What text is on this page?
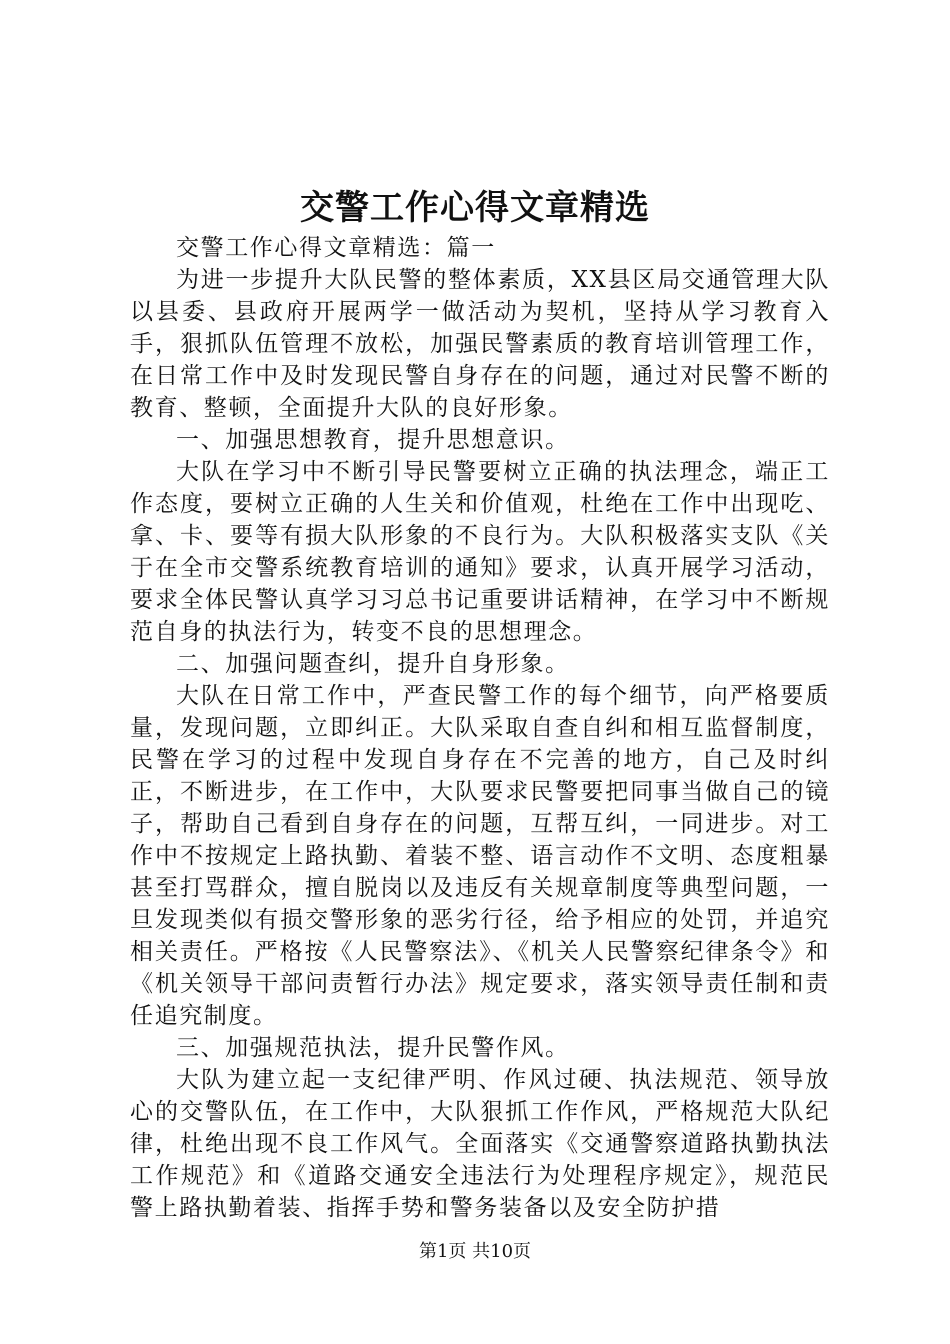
交警工作心得文章精选

交警工作心得文章精选：篇一

为进一步提升大队民警的整体素质，XX县区局交通管理大队以县委、县政府开展两学一做活动为契机，坚持从学习教育入手，狠抓队伍管理不放松，加强民警素质的教育培训管理工作，在日常工作中及时发现民警自身存在的问题，通过对民警不断的教育、整顿，全面提升大队的良好形象。

一、加强思想教育，提升思想意识。

大队在学习中不断引导民警要树立正确的执法理念，端正工作态度，要树立正确的人生关和价值观，杜绝在工作中出现吃、拿、卡、要等有损大队形象的不良行为。大队积极落实支队《关于在全市交警系统教育培训的通知》要求，认真开展学习活动，要求全体民警认真学习习总书记重要讲话精神，在学习中不断规范自身的执法行为，转变不良的思想理念。

二、加强问题查纠，提升自身形象。

大队在日常工作中，严查民警工作的每个细节，向严格要质量，发现问题，立即纠正。大队采取自查自纠和相互监督制度，民警在学习的过程中发现自身存在不完善的地方，自己及时纠正，不断进步，在工作中，大队要求民警要把同事当做自己的镜子，帮助自己看到自身存在的问题，互帮互纠，一同进步。对工作中不按规定上路执勤、着装不整、语言动作不文明、态度粗暴甚至打骂群众，擅自脱岗以及违反有关规章制度等典型问题，一旦发现类似有损交警形象的恶劣行径，给予相应的处罚，并追究相关责任。严格按《人民警察法》、《机关人民警察纪律条令》和《机关领导干部问责暂行办法》规定要求，落实领导责任制和责任追究制度。

三、加强规范执法，提升民警作风。

大队为建立起一支纪律严明、作风过硬、执法规范、领导放心的交警队伍，在工作中，大队狠抓工作作风，严格规范大队纪律，杜绝出现不良工作风气。全面落实《交通警察道路执勤执法工作规范》和《道路交通安全违法行为处理程序规定》，规范民警上路执勤着装、指挥手势和警务装备以及安全防护措

第1页 共10页
